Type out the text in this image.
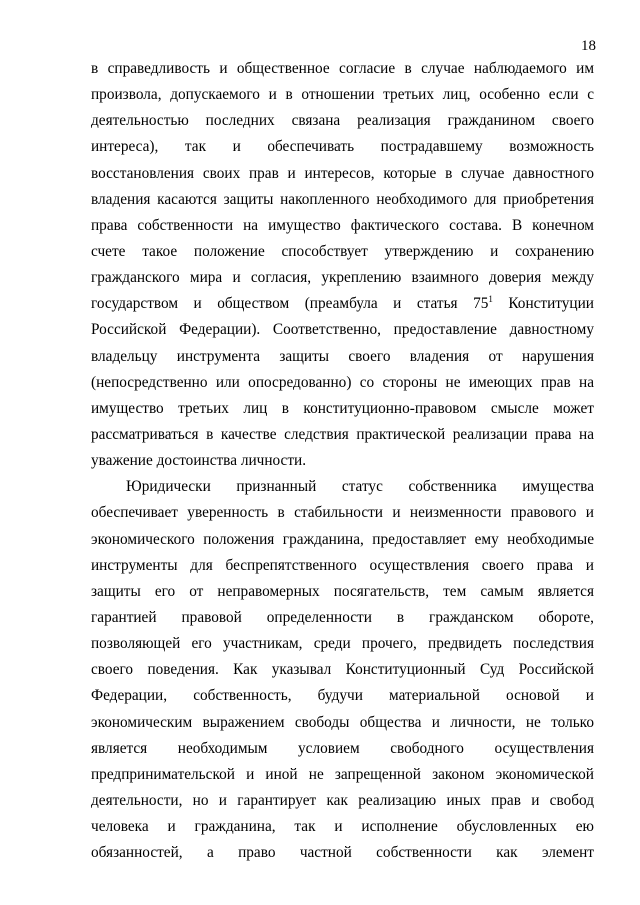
18
в справедливость и общественное согласие в случае наблюдаемого им
произвола, допускаемого и в отношении третьих лиц, особенно если с
деятельностью последних связана реализация гражданином своего
интереса), так и обеспечивать пострадавшему возможность
восстановления своих прав и интересов, которые в случае давностного
владения касаются защиты накопленного необходимого для приобретения
права собственности на имущество фактического состава. В конечном
счете такое положение способствует утверждению и сохранению
гражданского мира и согласия, укреплению взаимного доверия между
государством и обществом (преамбула и статья $75^1$ Конституции
Российской Федерации). Соответственно, предоставление давностному
владельцу инструмента защиты своего владения от нарушения
(непосредственно или опосредованно) со стороны не имеющих прав на
имущество третьих лиц в конституционно-правовом смысле может
рассматриваться в качестве следствия практической реализации права на
уважение достоинства личности.
Юридически признанный статус собственника имущества
обеспечивает уверенность в стабильности и неизменности правового и
экономического положения гражданина, предоставляет ему необходимые
инструменты для беспрепятственного осуществления своего права и
защиты его от неправомерных посягательств, тем самым является
гарантией правовой определенности в гражданском обороте,
позволяющей его участникам, среди прочего, предвидеть последствия
своего поведения. Как указывал Конституционный Суд Российской
Федерации, собственность, будучи материальной основой и
экономическим выражением свободы общества и личности, не только
является необходимым условием свободного осуществления
предпринимательской и иной не запрещенной законом экономической
деятельности, но и гарантирует как реализацию иных прав и свобод
человека и гражданина, так и исполнение обусловленных ею
обязанностей, а право частной собственности как элемент
